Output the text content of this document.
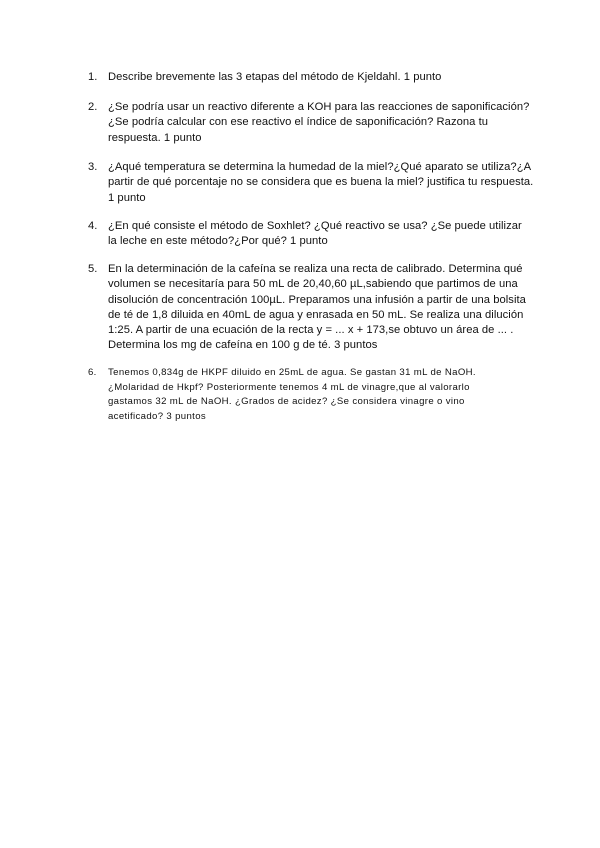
1. Describe brevemente las 3 etapas del método de Kjeldahl. 1 punto
2. ¿Se podría usar un reactivo diferente a KOH para las reacciones de saponificación?
¿Se podría calcular con ese reactivo el índice de saponificación? Razona tu
respuesta. 1 punto
3. ¿Aqué temperatura se determina la humedad de la miel?¿Qué aparato se utiliza?¿A
partir de qué porcentaje no se considera que es buena la miel? justifica tu respuesta.
1 punto
4. ¿En qué consiste el método de Soxhlet? ¿Qué reactivo se usa? ¿Se puede utilizar
la leche en este método?¿Por qué? 1 punto
5. En la determinación de la cafeína se realiza una recta de calibrado. Determina qué
volumen se necesitaría para 50 mL de 20,40,60 µL,sabiendo que partimos de una
disolución de concentración 100µL. Preparamos una infusión a partir de una bolsita
de té de 1,8 diluida en 40mL de agua y enrasada en 50 mL. Se realiza una dilución
1:25. A partir de una ecuación de la recta y = ... x + 173,se obtuvo un área de ... .
Determina los mg de cafeína en 100 g de té. 3 puntos
6. Tenemos 0,834g de HKPF diluido en 25mL de agua. Se gastan 31 mL de NaOH.
¿Molaridad de Hkpf? Posteriormente tenemos 4 mL de vinagre,que al valorarlo
gastamos 32 mL de NaOH. ¿Grados de acidez? ¿Se considera vinagre o vino
acetificado? 3 puntos
